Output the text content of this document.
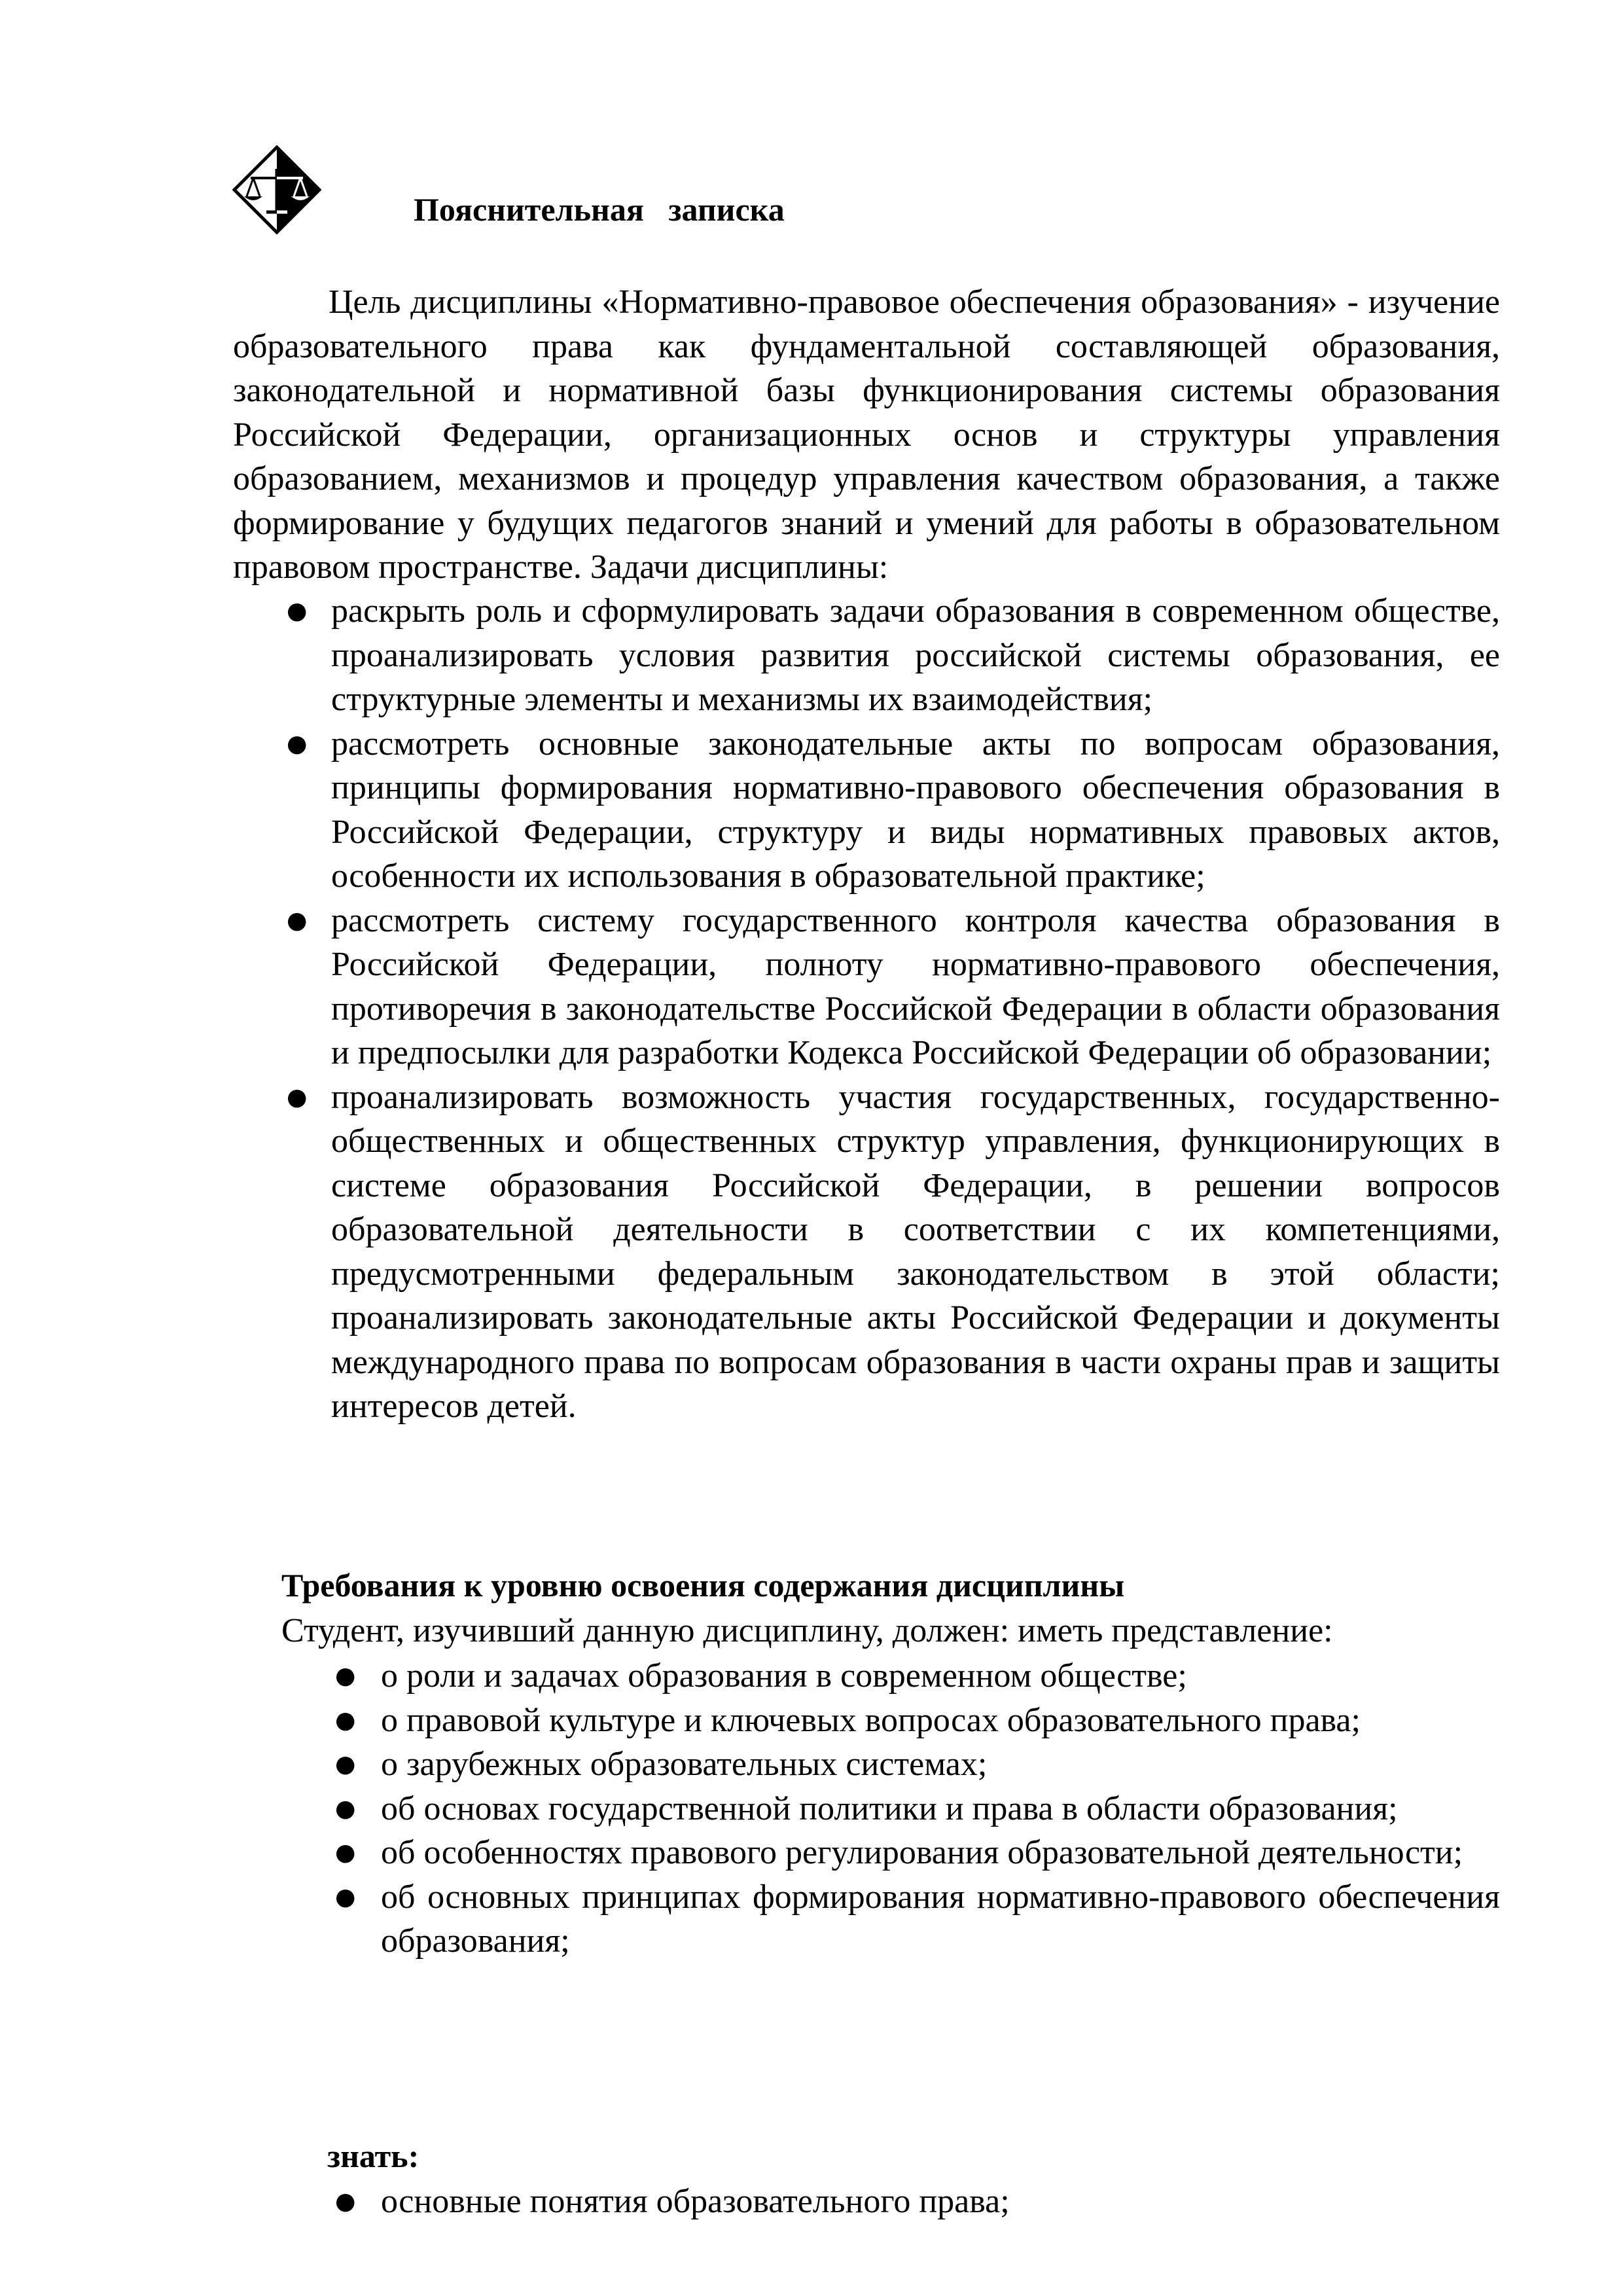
Пояснительная   записка

Цель дисциплины «Нормативно-правовое обеспечения образования» - изучение образовательного права как фундаментальной составляющей образования, законодательной и нормативной базы функционирования системы образования Российской Федерации, организационных основ и структуры управления образованием, механизмов и процедур управления качеством образования, а также формирование у будущих педагогов знаний и умений для работы в образовательном правовом пространстве. Задачи дисциплины:

● раскрыть роль и сформулировать задачи образования в современном обществе, проанализировать условия развития российской системы образования, ее структурные элементы и механизмы их взаимодействия;
● рассмотреть основные законодательные акты по вопросам образования, принципы формирования нормативно-правового обеспечения образования в Российской Федерации, структуру и виды нормативных правовых актов, особенности их использования в образовательной практике;
● рассмотреть систему государственного контроля качества образования в Российской Федерации, полноту нормативно-правового обеспечения, противоречия в законодательстве Российской Федерации в области образования и предпосылки для разработки Кодекса Российской Федерации об образовании;
● проанализировать возможность участия государственных, государственно-общественных и общественных структур управления, функционирующих в системе образования Российской Федерации, в решении вопросов образовательной деятельности в соответствии с их компетенциями, предусмотренными федеральным законодательством в этой области; проанализировать законодательные акты Российской Федерации и документы международного права по вопросам образования в части охраны прав и защиты интересов детей.
Требования к уровню освоения содержания дисциплины

Студент, изучивший данную дисциплину, должен: иметь представление:

● о роли и задачах образования в современном обществе;
● о правовой культуре и ключевых вопросах образовательного права;
● о зарубежных образовательных системах;
● об основах государственной политики и права в области образования;
● об особенностях правового регулирования образовательной деятельности;
● об основных принципах формирования нормативно-правового обеспечения образования;

знать:

● основные понятия образовательного права;
